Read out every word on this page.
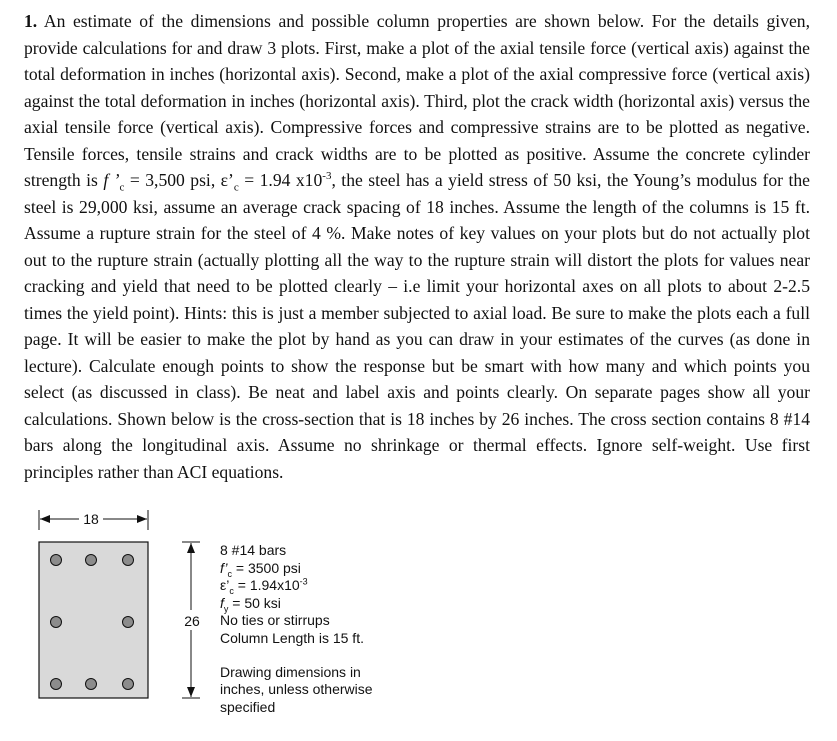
1. An estimate of the dimensions and possible column properties are shown below. For the details given, provide calculations for and draw 3 plots. First, make a plot of the axial tensile force (vertical axis) against the total deformation in inches (horizontal axis). Second, make a plot of the axial compressive force (vertical axis) against the total deformation in inches (horizontal axis). Third, plot the crack width (horizontal axis) versus the axial tensile force (vertical axis). Compressive forces and compressive strains are to be plotted as negative. Tensile forces, tensile strains and crack widths are to be plotted as positive. Assume the concrete cylinder strength is f $’_c = 3,500$ psi, $\varepsilon’_c = 1.94$ $x10^{-3}$, the steel has a yield stress of 50 ksi, the Young’s modulus for the steel is 29,000 ksi, assume an average crack spacing of 18 inches. Assume the length of the columns is 15 ft. Assume a rupture strain for the steel of 4 %. Make notes of key values on your plots but do not actually plot out to the rupture strain (actually plotting all the way to the rupture strain will distort the plots for values near cracking and yield that need to be plotted clearly – i.e limit your horizontal axes on all plots to about 2-2.5 times the yield point). Hints: this is just a member subjected to axial load. Be sure to make the plots each a full page. It will be easier to make the plot by hand as you can draw in your estimates of the curves (as done in lecture). Calculate enough points to show the response but be smart with how many and which points you select (as discussed in class). Be neat and label axis and points clearly. On separate pages show all your calculations. Shown below is the cross-section that is 18 inches by 26 inches. The cross section contains 8 #14 bars along the longitudinal axis. Assume no shrinkage or thermal effects. Ignore self-weight. Use first principles rather than ACI equations.
18
26
8 #14 bars
$f’_c = 3500$ psi
$\varepsilon’_c = 1.94x10^{-3}$
$f_y = 50$ ksi
No ties or stirrups
Column Length is 15 ft.
Drawing dimensions in
inches, unless otherwise
specified
